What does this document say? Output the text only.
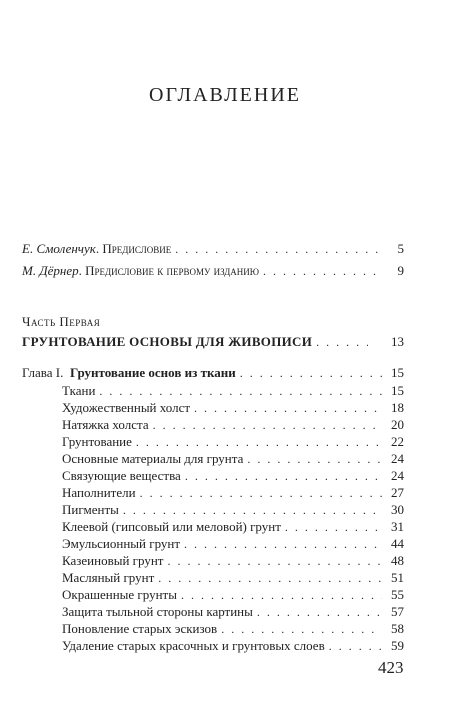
ОГЛАВЛЕНИЕ
Е. Смоленчук. Предисловие . . .	5
М. Дёрнер. Предисловие к первому изданию . . .	9
Часть Первая
ГРУНТОВАНИЕ ОСНОВЫ ДЛЯ ЖИВОПИСИ . . .	13
Глава I. Грунтование основ из ткани . . .	15
Ткани . . .	15
Художественный холст . . .	18
Натяжка холста . . .	20
Грунтование . . .	22
Основные материалы для грунта . . .	24
Связующие вещества . . .	24
Наполнители . . .	27
Пигменты . . .	30
Клеевой (гипсовый или меловой) грунт . . .	31
Эмульсионный грунт . . .	44
Казеиновый грунт . . .	48
Масляный грунт . . .	51
Окрашенные грунты . . .	55
Защита тыльной стороны картины . . .	57
Поновление старых эскизов . . .	58
Удаление старых красочных и грунтовых слоев . . .	59
423
